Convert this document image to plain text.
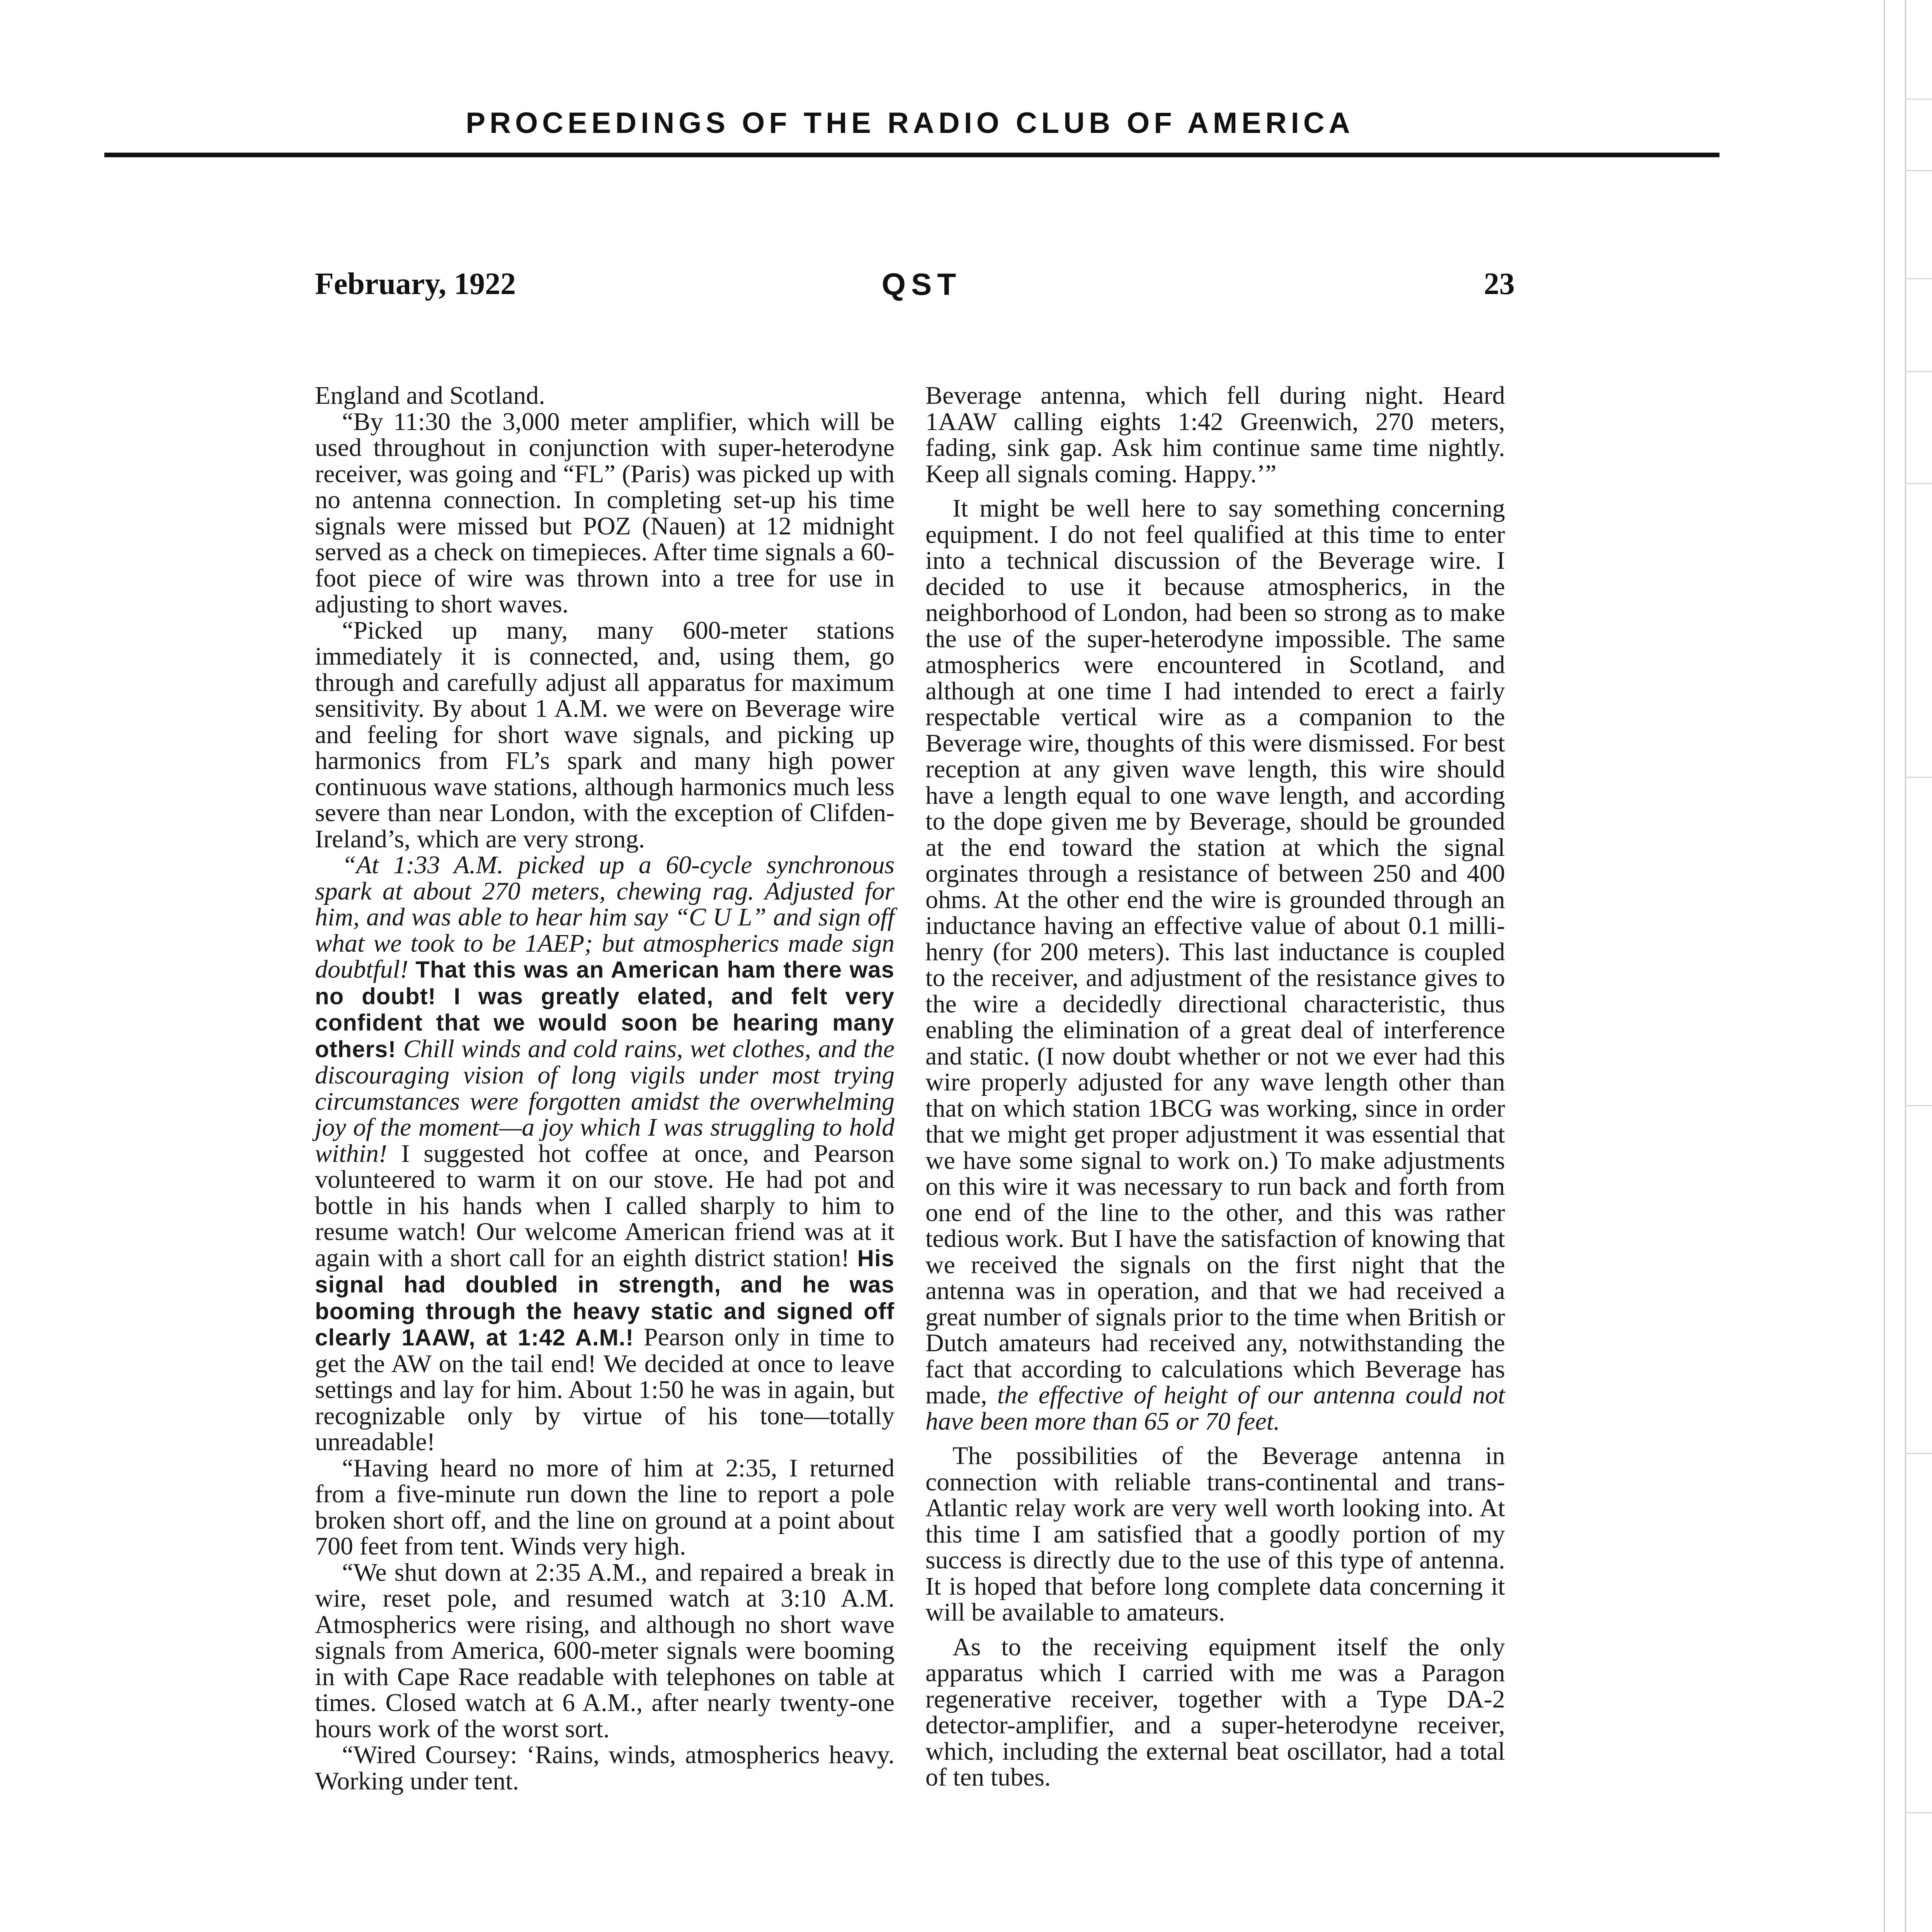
PROCEEDINGS OF THE RADIO CLUB OF AMERICA
February, 1922	QST	23

England and Scotland.

“By 11:30 the 3,000 meter amplifier, which will be used throughout in conjunction with super-heterodyne receiver, was going and “FL” (Paris) was picked up with no antenna connection. In completing set-up his time signals were missed but POZ (Nauen) at 12 midnight served as a check on timepieces. After time signals a 60-foot piece of wire was thrown into a tree for use in adjusting to short waves.

“Picked up many, many 600-meter stations immediately it is connected, and, using them, go through and carefully adjust all apparatus for maximum sensitivity. By about 1 A.M. we were on Beverage wire and feeling for short wave signals, and picking up harmonics from FL’s spark and many high power continuous wave stations, although harmonics much less severe than near London, with the exception of Clifden-Ireland’s, which are very strong.

“At 1:33 A.M. picked up a 60-cycle synchronous spark at about 270 meters, chewing rag. Adjusted for him, and was able to hear him say “C U L” and sign off what we took to be 1AEP; but atmospherics made sign doubtful! That this was an American ham there was no doubt! I was greatly elated, and felt very confident that we would soon be hearing many others! Chill winds and cold rains, wet clothes, and the discouraging vision of long vigils under most trying circumstances were forgotten amidst the overwhelming joy of the moment—a joy which I was struggling to hold within! I suggested hot coffee at once, and Pearson volunteered to warm it on our stove. He had pot and bottle in his hands when I called sharply to him to resume watch! Our welcome American friend was at it again with a short call for an eighth district station! His signal had doubled in strength, and he was booming through the heavy static and signed off clearly 1AAW, at 1:42 A.M.! Pearson only in time to get the AW on the tail end! We decided at once to leave settings and lay for him. About 1:50 he was in again, but recognizable only by virtue of his tone—totally unreadable!

“Having heard no more of him at 2:35, I returned from a five-minute run down the line to report a pole broken short off, and the line on ground at a point about 700 feet from tent. Winds very high.

“We shut down at 2:35 A.M., and repaired a break in wire, reset pole, and resumed watch at 3:10 A.M. Atmospherics were rising, and although no short wave signals from America, 600-meter signals were booming in with Cape Race readable with telephones on table at times. Closed watch at 6 A.M., after nearly twenty-one hours work of the worst sort.

“Wired Coursey: ‘Rains, winds, atmospherics heavy. Working under tent.

Beverage antenna, which fell during night. Heard 1AAW calling eights 1:42 Greenwich, 270 meters, fading, sink gap. Ask him continue same time nightly. Keep all signals coming. Happy.’”

It might be well here to say something concerning equipment. I do not feel qualified at this time to enter into a technical discussion of the Beverage wire. I decided to use it because atmospherics, in the neighborhood of London, had been so strong as to make the use of the super-heterodyne impossible. The same atmospherics were encountered in Scotland, and although at one time I had intended to erect a fairly respectable vertical wire as a companion to the Beverage wire, thoughts of this were dismissed. For best reception at any given wave length, this wire should have a length equal to one wave length, and according to the dope given me by Beverage, should be grounded at the end toward the station at which the signal orginates through a resistance of between 250 and 400 ohms. At the other end the wire is grounded through an inductance having an effective value of about 0.1 milli-henry (for 200 meters). This last inductance is coupled to the receiver, and adjustment of the resistance gives to the wire a decidedly directional characteristic, thus enabling the elimination of a great deal of interference and static. (I now doubt whether or not we ever had this wire properly adjusted for any wave length other than that on which station 1BCG was working, since in order that we might get proper adjustment it was essential that we have some signal to work on.) To make adjustments on this wire it was necessary to run back and forth from one end of the line to the other, and this was rather tedious work. But I have the satisfaction of knowing that we received the signals on the first night that the antenna was in operation, and that we had received a great number of signals prior to the time when British or Dutch amateurs had received any, notwithstanding the fact that according to calculations which Beverage has made, the effective of height of our antenna could not have been more than 65 or 70 feet.

The possibilities of the Beverage antenna in connection with reliable trans-continental and trans-Atlantic relay work are very well worth looking into. At this time I am satisfied that a goodly portion of my success is directly due to the use of this type of antenna. It is hoped that before long complete data concerning it will be available to amateurs.

As to the receiving equipment itself the only apparatus which I carried with me was a Paragon regenerative receiver, together with a Type DA-2 detector-amplifier, and a super-heterodyne receiver, which, including the external beat oscillator, had a total of ten tubes.
